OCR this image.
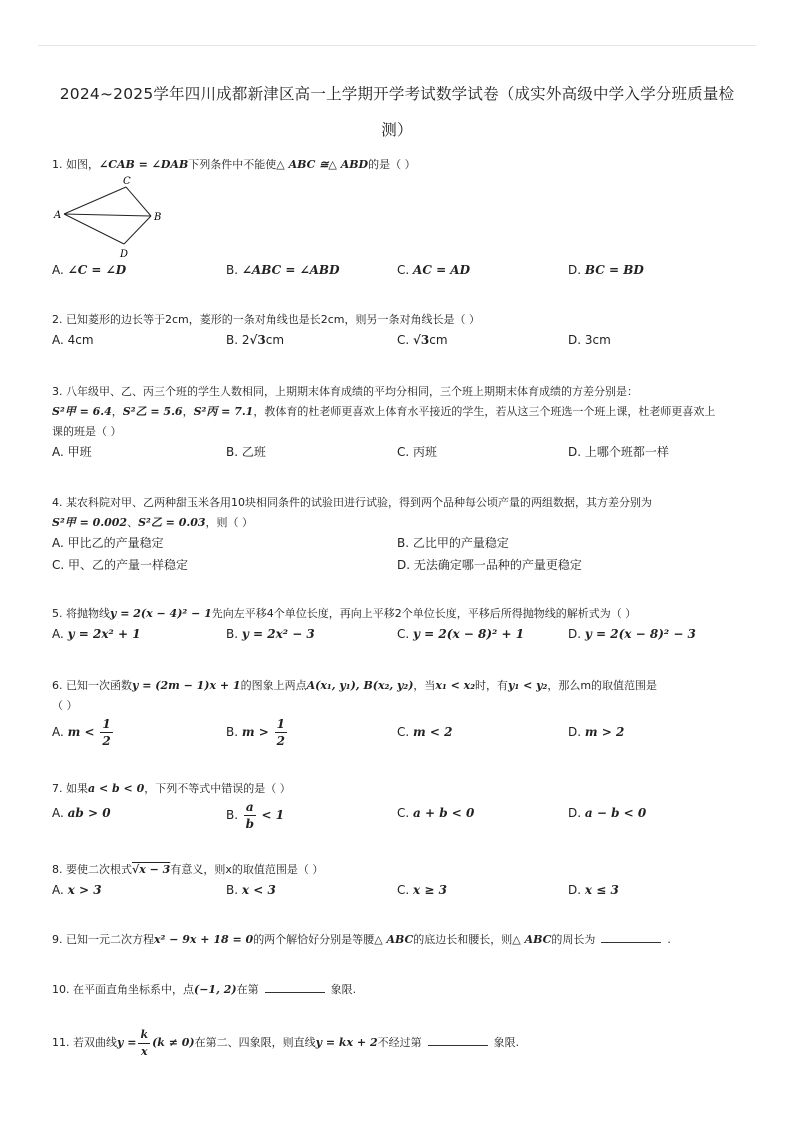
2024~2025学年四川成都新津区高一上学期开学考试数学试卷（成实外高级中学入学分班质量检
测）
1. 如图，∠CAB = ∠DAB下列条件中不能使△ ABC ≅△ ABD的是（ ）
A
C
B
D
A. ∠C = ∠D	B. ∠ABC = ∠ABD	C. AC = AD	D. BC = BD
2. 已知菱形的边长等于2cm，菱形的一条对角线也是长2cm，则另一条对角线长是（ ）
A. 4cm	B. 2√3cm	C. √3cm	D. 3cm
3. 八年级甲、乙、丙三个班的学生人数相同，上期期末体育成绩的平均分相同，三个班上期期末体育成绩的方差分别是：
S²甲 = 6.4，S²乙 = 5.6，S²丙 = 7.1，教体育的杜老师更喜欢上体育水平接近的学生，若从这三个班选一个班上课，杜老师更喜欢上
课的班是（ ）
A. 甲班	B. 乙班	C. 丙班	D. 上哪个班都一样
4. 某农科院对甲、乙两种甜玉米各用10块相同条件的试验田进行试验，得到两个品种每公顷产量的两组数据，其方差分别为
S²甲 = 0.002、S²乙 = 0.03，则（ ）
A. 甲比乙的产量稳定	B. 乙比甲的产量稳定
C. 甲、乙的产量一样稳定	D. 无法确定哪一品种的产量更稳定
5. 将抛物线y = 2(x − 4)² − 1先向左平移4个单位长度，再向上平移2个单位长度，平移后所得抛物线的解析式为（ ）
A. y = 2x² + 1	B. y = 2x² − 3	C. y = 2(x − 8)² + 1	D. y = 2(x − 8)² − 3
6. 已知一次函数y = (2m − 1)x + 1的图象上两点A(x₁, y₁), B(x₂, y₂)，当x₁ < x₂时，有y₁ < y₂，那么m的取值范围是
（ ）
A. $m < \frac{1}{2}$	B. $m > \frac{1}{2}$	C. m < 2	D. m > 2
7. 如果a < b < 0，下列不等式中错误的是（ ）
A. ab > 0	B. $\frac{a}{b} < 1$	C. a + b < 0	D. a − b < 0
8. 要使二次根式√x − 3有意义，则x的取值范围是（ ）
A. x > 3	B. x < 3	C. x ≥ 3	D. x ≤ 3
9. 已知一元二次方程x² − 9x + 18 = 0的两个解恰好分别是等腰△ ABC的底边长和腰长，则△ ABC的周长为	.
10. 在平面直角坐标系中，点(−1, 2)在第	象限.
11. 若双曲线$y = \frac{k}{x} (k \ne 0)$在第二、四象限，则直线y = kx + 2不经过第	象限.
